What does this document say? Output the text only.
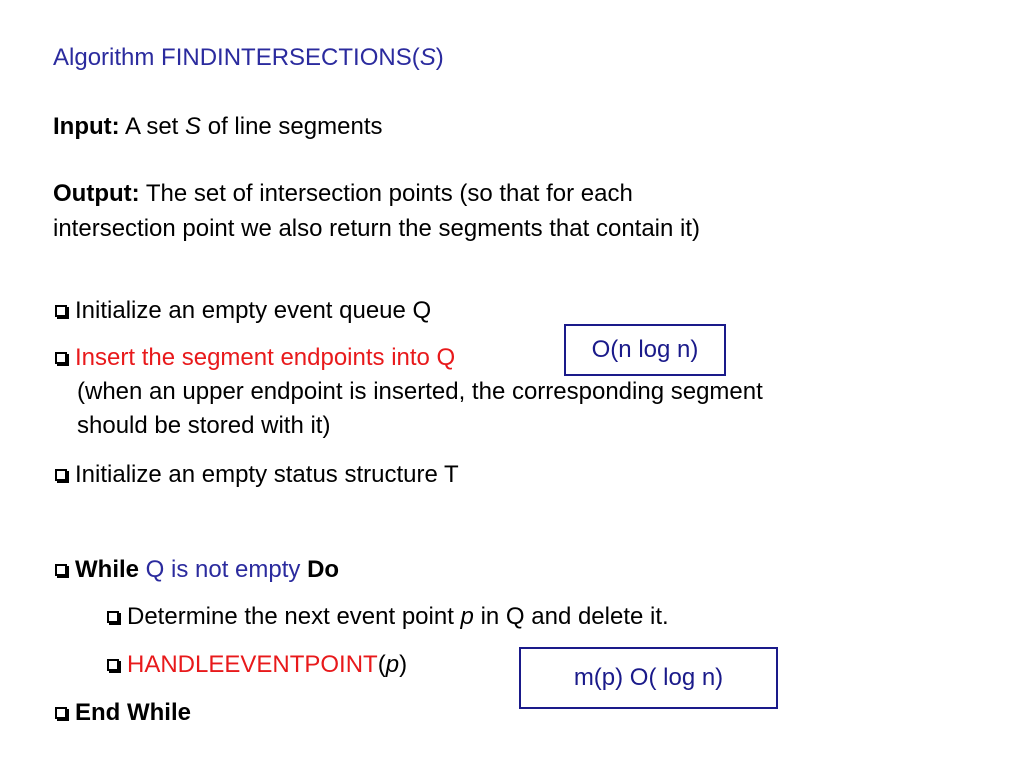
Algorithm FINDINTERSECTIONS(S)
Input: A set S of line segments
Output: The set of intersection points (so that for each
intersection point we also return the segments that contain it)
Initialize an empty event queue Q
Insert the segment endpoints into Q
(when an upper endpoint is inserted, the corresponding segment
should be stored with it)
O(n log n)
Initialize an empty status structure T
While Q is not empty Do
Determine the next event point p in Q and delete it.
HANDLEEVENTPOINT(p)	m(p) O( log n)
End While
